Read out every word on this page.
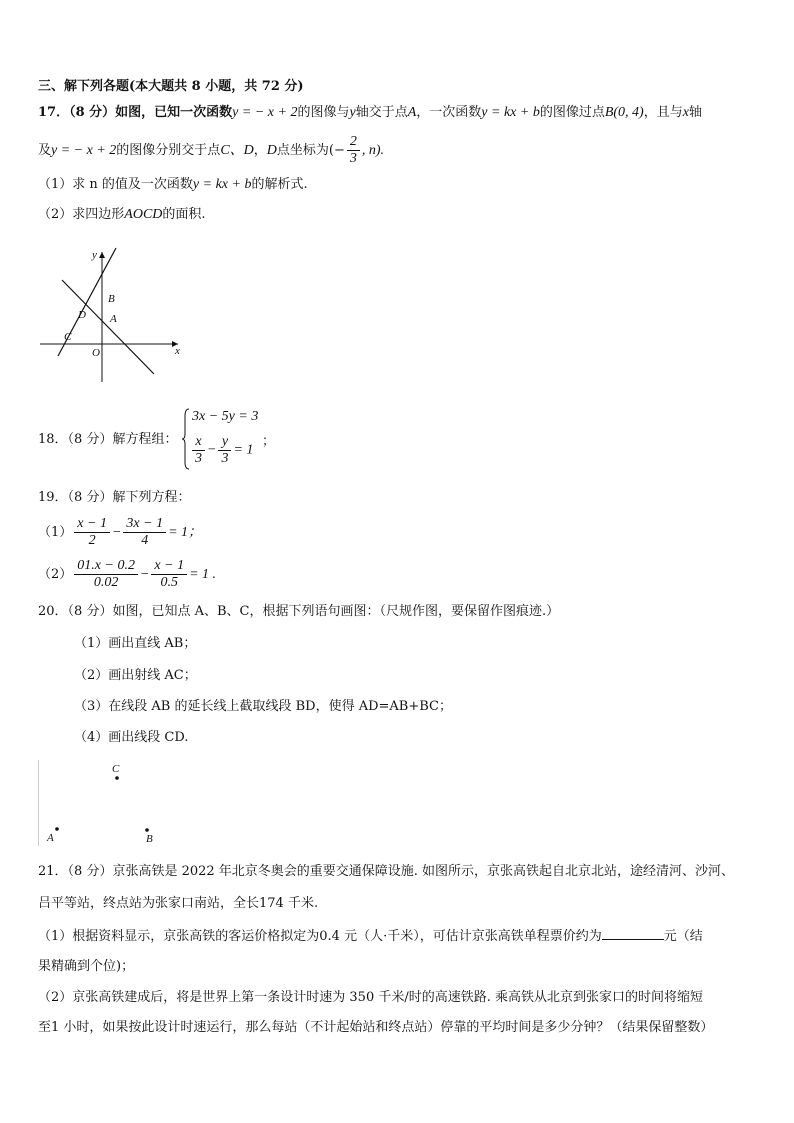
三、解下列各题(本大题共 8 小题，共 72 分)
17．（8 分）如图，已知一次函数y = − x + 2的图像与y轴交于点A，一次函数y = kx + b的图像过点B(0, 4)，且与x轴
及y = − x + 2的图像分别交于点C、D，D点坐标为(− $\frac{2}{3}$ , n).
（1）求 n 的值及一次函数y = kx + b的解析式.
（2）求四边形AOCD的面积.
y
x
B
A
D
C
O
18．（8 分）解方程组：
3x − 5y = 3
$\frac{x}{3} - \frac{y}{3} = 1$
；
19．（8 分）解下列方程：
$(1) \frac{x - 1}{2} - \frac{3x - 1}{4} = 1$；
$(2) \frac{01.x - 0.2}{0.02} - \frac{x - 1}{0.5} = 1$ .
20．（8 分）如图，已知点 A、B、C，根据下列语句画图：（尺规作图，要保留作图痕迹.）
（1）画出直线 AB；
（2）画出射线 AC；
（3）在线段 AB 的延长线上截取线段 BD，使得 AD=AB+BC；
（4）画出线段 CD.
C
A	B
21．（8 分）京张高铁是 2022 年北京冬奥会的重要交通保障设施. 如图所示，京张高铁起自北京北站，途经清河、沙河、
吕平等站，终点站为张家口南站，全长174 千米.
（1）根据资料显示，京张高铁的客运价格拟定为0.4 元（人·千米），可估计京张高铁单程票价约为	元（结
果精确到个位)；
（2）京张高铁建成后，将是世界上第一条设计时速为 350 千米/时的高速铁路. 乘高铁从北京到张家口的时间将缩短
至1 小时，如果按此设计时速运行，那么每站（不计起始站和终点站）停靠的平均时间是多少分钟？（结果保留整数）
